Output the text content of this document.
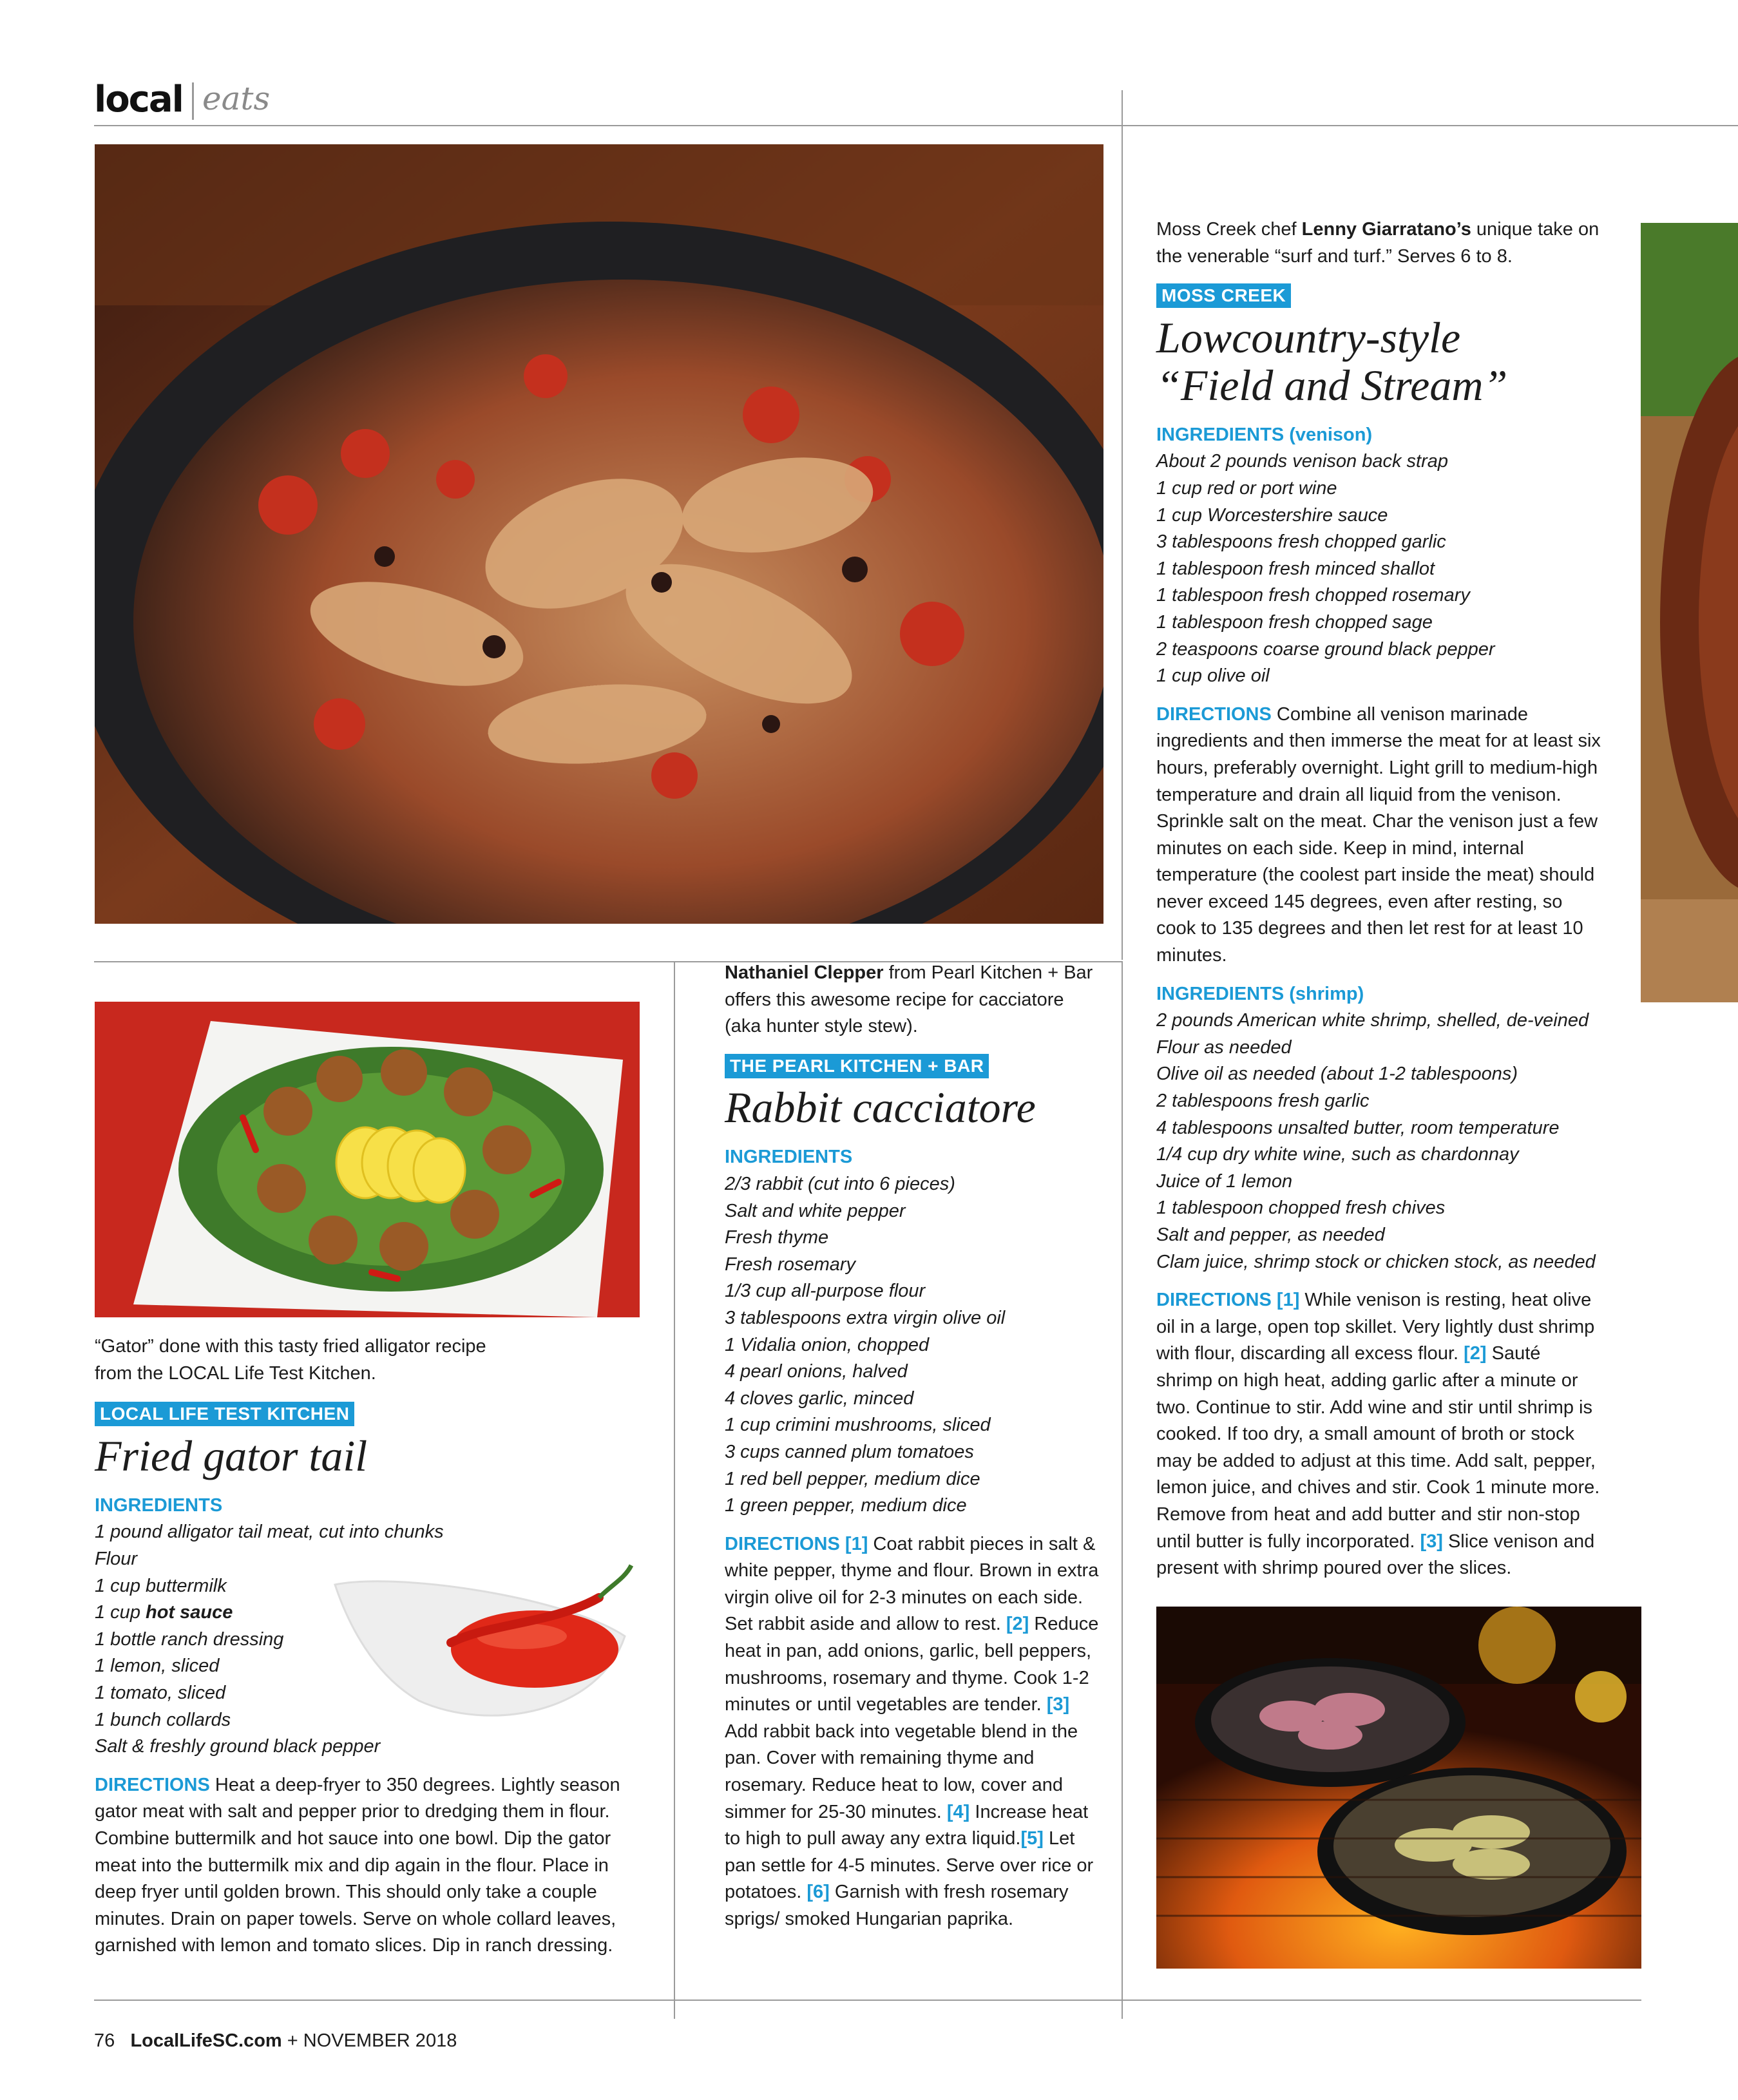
local eats

“Gator” done with this tasty fried alligator recipe from the LOCAL Life Test Kitchen.

LOCAL LIFE TEST KITCHEN
Fried gator tail

INGREDIENTS

1 pound alligator tail meat, cut into chunks

Flour

1 cup buttermilk

1 cup hot sauce

1 bottle ranch dressing

1 lemon, sliced

1 tomato, sliced

1 bunch collards

Salt & freshly ground black pepper

DIRECTIONS Heat a deep-fryer to 350 degrees. Lightly season gator meat with salt and pepper prior to dredging them in flour. Combine buttermilk and hot sauce into one bowl. Dip the gator meat into the buttermilk mix and dip again in the flour. Place in deep fryer until golden brown. This should only take a couple minutes. Drain on paper towels. Serve on whole collard leaves, garnished with lemon and tomato slices. Dip in ranch dressing.

Nathaniel Clepper from Pearl Kitchen + Bar offers this awesome recipe for cacciatore (aka hunter style stew).

THE PEARL KITCHEN + BAR
Rabbit cacciatore

INGREDIENTS

2/3 rabbit (cut into 6 pieces)

Salt and white pepper

Fresh thyme

Fresh rosemary

1/3 cup all-purpose flour

3 tablespoons extra virgin olive oil

1 Vidalia onion, chopped

4 pearl onions, halved

4 cloves garlic, minced

1 cup crimini mushrooms, sliced

3 cups canned plum tomatoes

1 red bell pepper, medium dice

1 green pepper, medium dice

DIRECTIONS [1] Coat rabbit pieces in salt & white pepper, thyme and flour. Brown in extra virgin olive oil for 2-3 minutes on each side. Set rabbit aside and allow to rest. [2] Reduce heat in pan, add onions, garlic, bell peppers, mushrooms, rosemary and thyme. Cook 1-2 minutes or until vegetables are tender. [3] Add rabbit back into vegetable blend in the pan. Cover with remaining thyme and rosemary. Reduce heat to low, cover and simmer for 25-30 minutes. [4] Increase heat to high to pull away any extra liquid.[5] Let pan settle for 4-5 minutes. Serve over rice or potatoes. [6] Garnish with fresh rosemary sprigs/ smoked Hungarian paprika.

Moss Creek chef Lenny Giarratano’s unique take on the venerable “surf and turf.” Serves 6 to 8.

MOSS CREEK
Lowcountry-style “Field and Stream”

INGREDIENTS (venison)

About 2 pounds venison back strap

1 cup red or port wine

1 cup Worcestershire sauce

3 tablespoons fresh chopped garlic

1 tablespoon fresh minced shallot

1 tablespoon fresh chopped rosemary

1 tablespoon fresh chopped sage

2 teaspoons coarse ground black pepper

1 cup olive oil

DIRECTIONS Combine all venison marinade ingredients and then immerse the meat for at least six hours, preferably overnight. Light grill to medium-high temperature and drain all liquid from the venison. Sprinkle salt on the meat. Char the venison just a few minutes on each side. Keep in mind, internal temperature (the coolest part inside the meat) should never exceed 145 degrees, even after resting, so cook to 135 degrees and then let rest for at least 10 minutes.

INGREDIENTS (shrimp)

2 pounds American white shrimp, shelled, de-veined

Flour as needed

Olive oil as needed (about 1-2 tablespoons)

2 tablespoons fresh garlic

4 tablespoons unsalted butter, room temperature

1/4 cup dry white wine, such as chardonnay

Juice of 1 lemon

1 tablespoon chopped fresh chives

Salt and pepper, as needed

Clam juice, shrimp stock or chicken stock, as needed

DIRECTIONS [1] While venison is resting, heat olive oil in a large, open top skillet. Very lightly dust shrimp with flour, discarding all excess flour. [2] Sauté shrimp on high heat, adding garlic after a minute or two. Continue to stir. Add wine and stir until shrimp is cooked. If too dry, a small amount of broth or stock may be added to adjust at this time. Add salt, pepper, lemon juice, and chives and stir. Cook 1 minute more. Remove from heat and add butter and stir non-stop until butter is fully incorporated. [3] Slice venison and present with shrimp poured over the slices.

76 LocalLifeSC.com + NOVEMBER 2018
